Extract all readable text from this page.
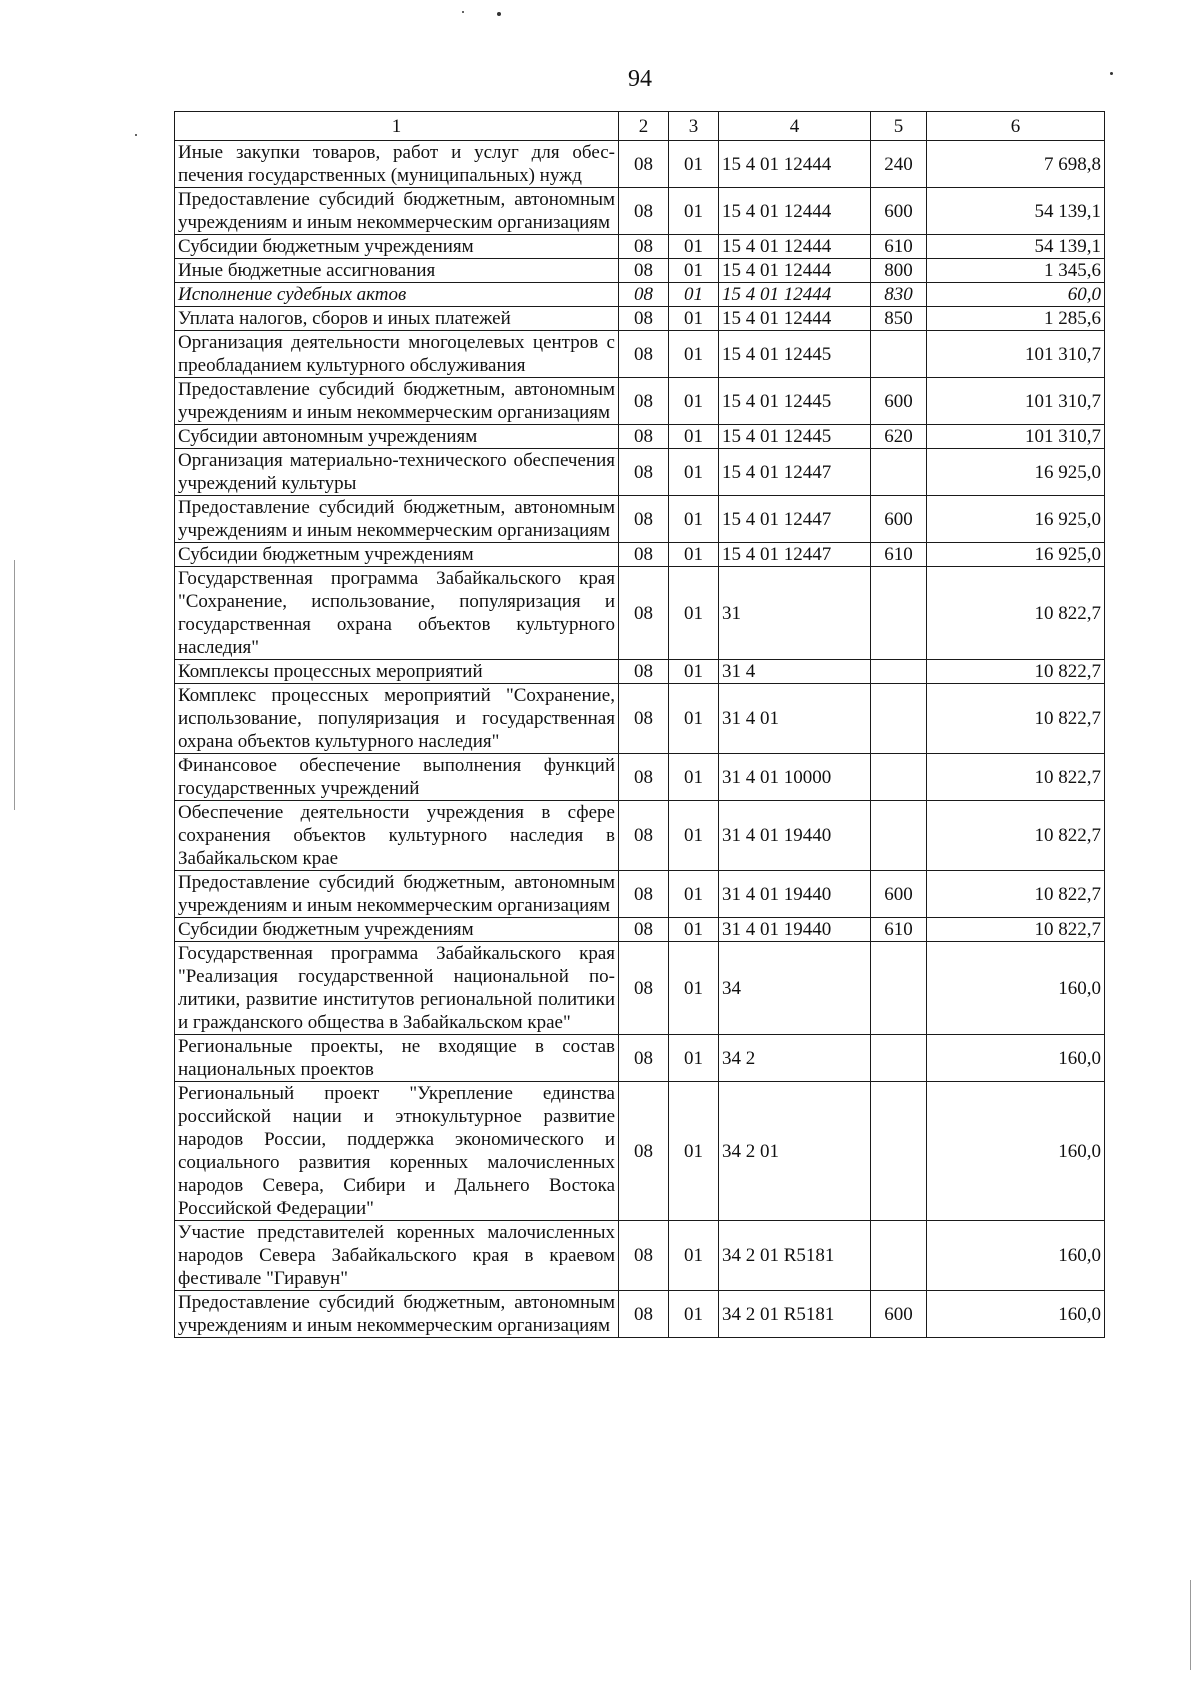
94
1	2	3	4	5	6
Иные закупки товаров, работ и услуг для обеспечения государственных (муниципальных) нужд	08	01	15 4 01 12444	240	7 698,8
Предоставление субсидий бюджетным, автономным учреждениям и иным некоммерческим организациям	08	01	15 4 01 12444	600	54 139,1
Субсидии бюджетным учреждениям	08	01	15 4 01 12444	610	54 139,1
Иные бюджетные ассигнования	08	01	15 4 01 12444	800	1 345,6
Исполнение судебных актов	08	01	15 4 01 12444	830	60,0
Уплата налогов, сборов и иных платежей	08	01	15 4 01 12444	850	1 285,6
Организация деятельности многоцелевых центров с преобладанием культурного обслуживания	08	01	15 4 01 12445		101 310,7
Предоставление субсидий бюджетным, автономным учреждениям и иным некоммерческим организациям	08	01	15 4 01 12445	600	101 310,7
Субсидии автономным учреждениям	08	01	15 4 01 12445	620	101 310,7
Организация материально-технического обеспечения учреждений культуры	08	01	15 4 01 12447		16 925,0
Предоставление субсидий бюджетным, автономным учреждениям и иным некоммерческим организациям	08	01	15 4 01 12447	600	16 925,0
Субсидии бюджетным учреждениям	08	01	15 4 01 12447	610	16 925,0
Государственная программа Забайкальского края "Сохранение, использование, популяризация и государственная охрана объектов культурного наследия"	08	01	31		10 822,7
Комплексы процессных мероприятий	08	01	31 4		10 822,7
Комплекс процессных мероприятий "Сохранение, использование, популяризация и государственная охрана объектов культурного наследия"	08	01	31 4 01		10 822,7
Финансовое обеспечение выполнения функций государственных учреждений	08	01	31 4 01 10000		10 822,7
Обеспечение деятельности учреждения в сфере сохранения объектов культурного наследия в Забайкальском крае	08	01	31 4 01 19440		10 822,7
Предоставление субсидий бюджетным, автономным учреждениям и иным некоммерческим организациям	08	01	31 4 01 19440	600	10 822,7
Субсидии бюджетным учреждениям	08	01	31 4 01 19440	610	10 822,7
Государственная программа Забайкальского края "Реализация государственной национальной политики, развитие институтов региональной политики и гражданского общества в Забайкальском крае"	08	01	34		160,0
Региональные проекты, не входящие в состав национальных проектов	08	01	34 2		160,0
Региональный проект "Укрепление единства российской нации и этнокультурное развитие народов России, поддержка экономического и социального развития коренных малочисленных народов Севера, Сибири и Дальнего Востока Российской Федерации"	08	01	34 2 01		160,0
Участие представителей коренных малочисленных народов Севера Забайкальского края в краевом фестивале "Гиравун"	08	01	34 2 01 R5181		160,0
Предоставление субсидий бюджетным, автономным учреждениям и иным некоммерческим организациям	08	01	34 2 01 R5181	600	160,0
